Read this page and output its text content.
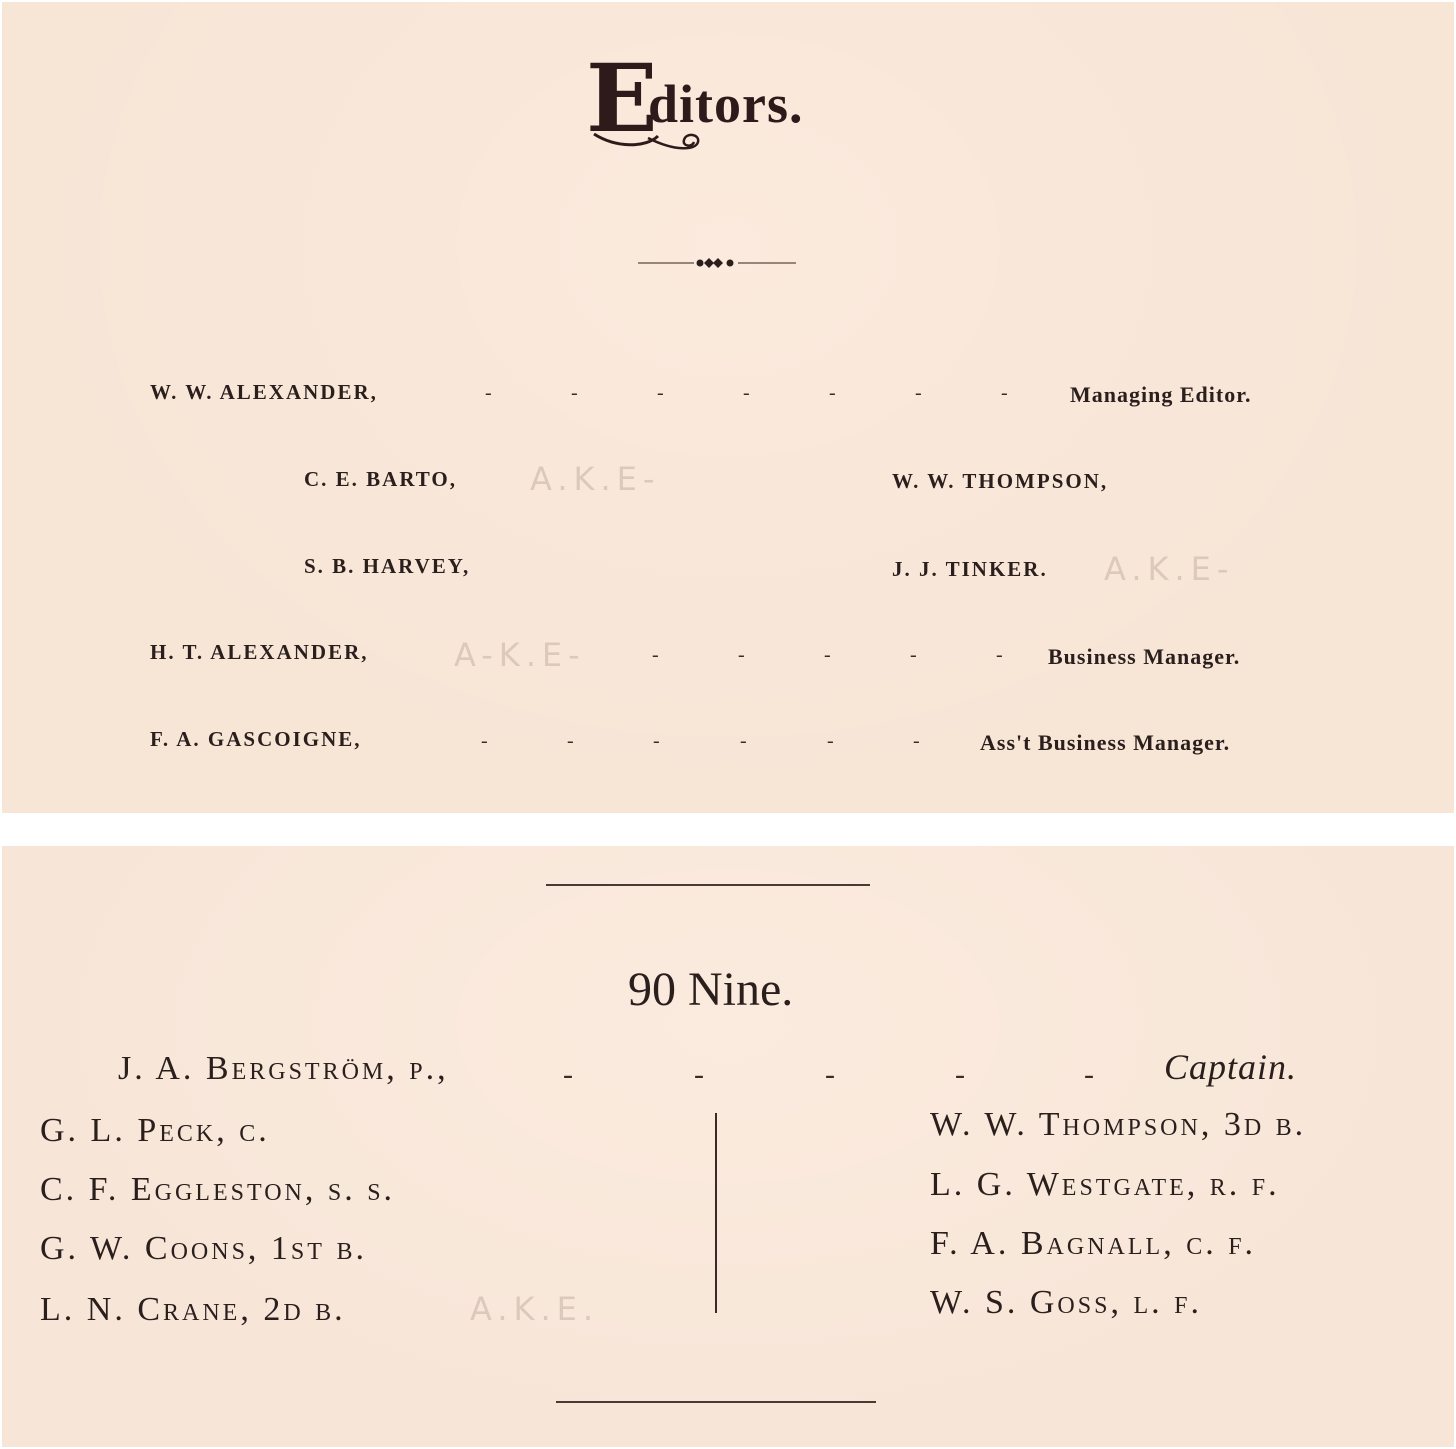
E
ditors.
W. W. ALEXANDER,	-	-	-	-	-	-	-	Managing Editor.
C. E. BARTO, A.K.E-	W. W. THOMPSON,
S. B. HARVEY,	J. J. TINKER. A.K.E-
H. T. ALEXANDER,	A-K.E-	-	-	-	-	- Business Manager.
F. A. GASCOIGNE,	-	-	-	-	-	-	Ass't Business Manager.
90 Nine.
J. A. Bergström, p.,	-	-	-	-	- Captain.
G. L. Peck, c.
C. F. Eggleston, s. s.
G. W. Coons, 1st b.
L. N. Crane, 2d b.	A.K.E.
W. W. Thompson, 3d b.
L. G. Westgate, r. f.
F. A. Bagnall, c. f.
W. S. Goss, l. f.
